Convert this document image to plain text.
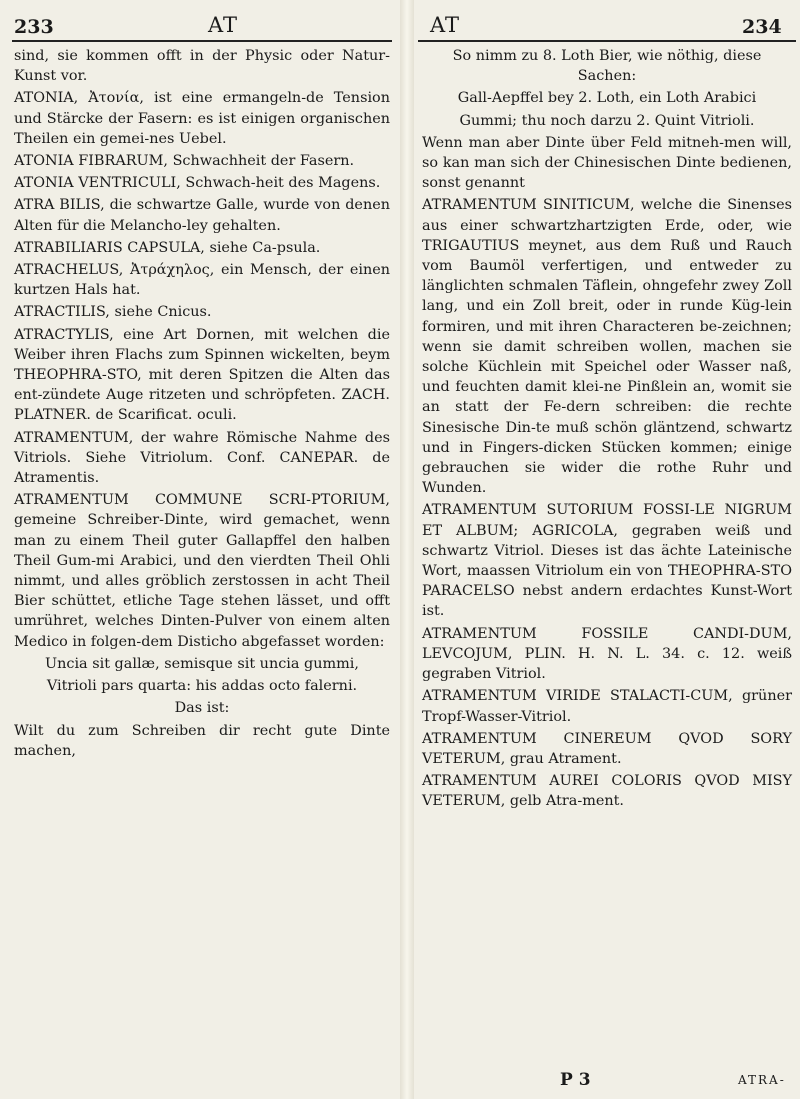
233	AT	AT	234

sind, sie kommen offt in der Physic oder Natur-Kunst vor.

ATONIA, Ἀτονία, ist eine ermangeln-de Tension und Stärcke der Fasern: es ist einigen organischen Theilen ein gemei-nes Uebel.

ATONIA FIBRARUM, Schwachheit der Fasern.

ATONIA VENTRICULI, Schwach-heit des Magens.

ATRA BILIS, die schwartze Galle, wurde von denen Alten für die Melancho-ley gehalten.

ATRABILIARIS CAPSULA, siehe Ca-psula.

ATRACHELUS, Ἀτράχηλος, ein Mensch, der einen kurtzen Hals hat.

ATRACTILIS, siehe Cnicus.

ATRACTYLIS, eine Art Dornen, mit welchen die Weiber ihren Flachs zum Spinnen wickelten, beym THEOPHRA-STO, mit deren Spitzen die Alten das ent-zündete Auge ritzeten und schröpfeten. ZACH. PLATNER. de Scarificat. oculi.

ATRAMENTUM, der wahre Römische Nahme des Vitriols. Siehe Vitriolum. Conf. CANEPAR. de Atramentis.

ATRAMENTUM COMMUNE SCRI-PTORIUM, gemeine Schreiber-Dinte, wird gemachet, wenn man zu einem Theil guter Gallapffel den halben Theil Gum-mi Arabici, und den vierdten Theil Ohli nimmt, und alles gröblich zerstossen in acht Theil Bier schüttet, etliche Tage stehen lässet, und offt umrühret, welches Dinten-Pulver von einem alten Medico in folgen-dem Disticho abgefasset worden:

Uncia sit gallæ, semisque sit uncia gummi,

Vitrioli pars quarta: his addas octo falerni.

Das ist:

Wilt du zum Schreiben dir recht gute Dinte machen,

So nimm zu 8. Loth Bier, wie nöthig, diese Sachen:

Gall-Aepffel bey 2. Loth, ein Loth Arabici

Gummi; thu noch darzu 2. Quint Vitrioli.

Wenn man aber Dinte über Feld mitneh-men will, so kan man sich der Chinesischen Dinte bedienen, sonst genannt

ATRAMENTUM SINITICUM, welche die Sinenses aus einer schwartzhartzigten Erde, oder, wie TRIGAUTIUS meynet, aus dem Ruß und Rauch vom Baumöl verfertigen, und entweder zu länglichten schmalen Täflein, ohngefehr zwey Zoll lang, und ein Zoll breit, oder in runde Küg-lein formiren, und mit ihren Characteren be-zeichnen; wenn sie damit schreiben wollen, machen sie solche Küchlein mit Speichel oder Wasser naß, und feuchten damit klei-ne Pinßlein an, womit sie an statt der Fe-dern schreiben: die rechte Sinesische Din-te muß schön gläntzend, schwartz und in Fingers-dicken Stücken kommen; einige gebrauchen sie wider die rothe Ruhr und Wunden.

ATRAMENTUM SUTORIUM FOSSI-LE NIGRUM ET ALBUM; AGRICOLA, gegraben weiß und schwartz Vitriol. Dieses ist das ächte Lateinische Wort, maassen Vitriolum ein von THEOPHRA-STO PARACELSO nebst andern erdachtes Kunst-Wort ist.

ATRAMENTUM FOSSILE CANDI-DUM, LEVCOJUM, PLIN. H. N. L. 34. c. 12. weiß gegraben Vitriol.

ATRAMENTUM VIRIDE STALACTI-CUM, grüner Tropf-Wasser-Vitriol.

ATRAMENTUM CINEREUM QVOD SORY VETERUM, grau Atrament.

ATRAMENTUM AUREI COLORIS QVOD MISY VETERUM, gelb Atra-ment.

P 3	ATRA-
